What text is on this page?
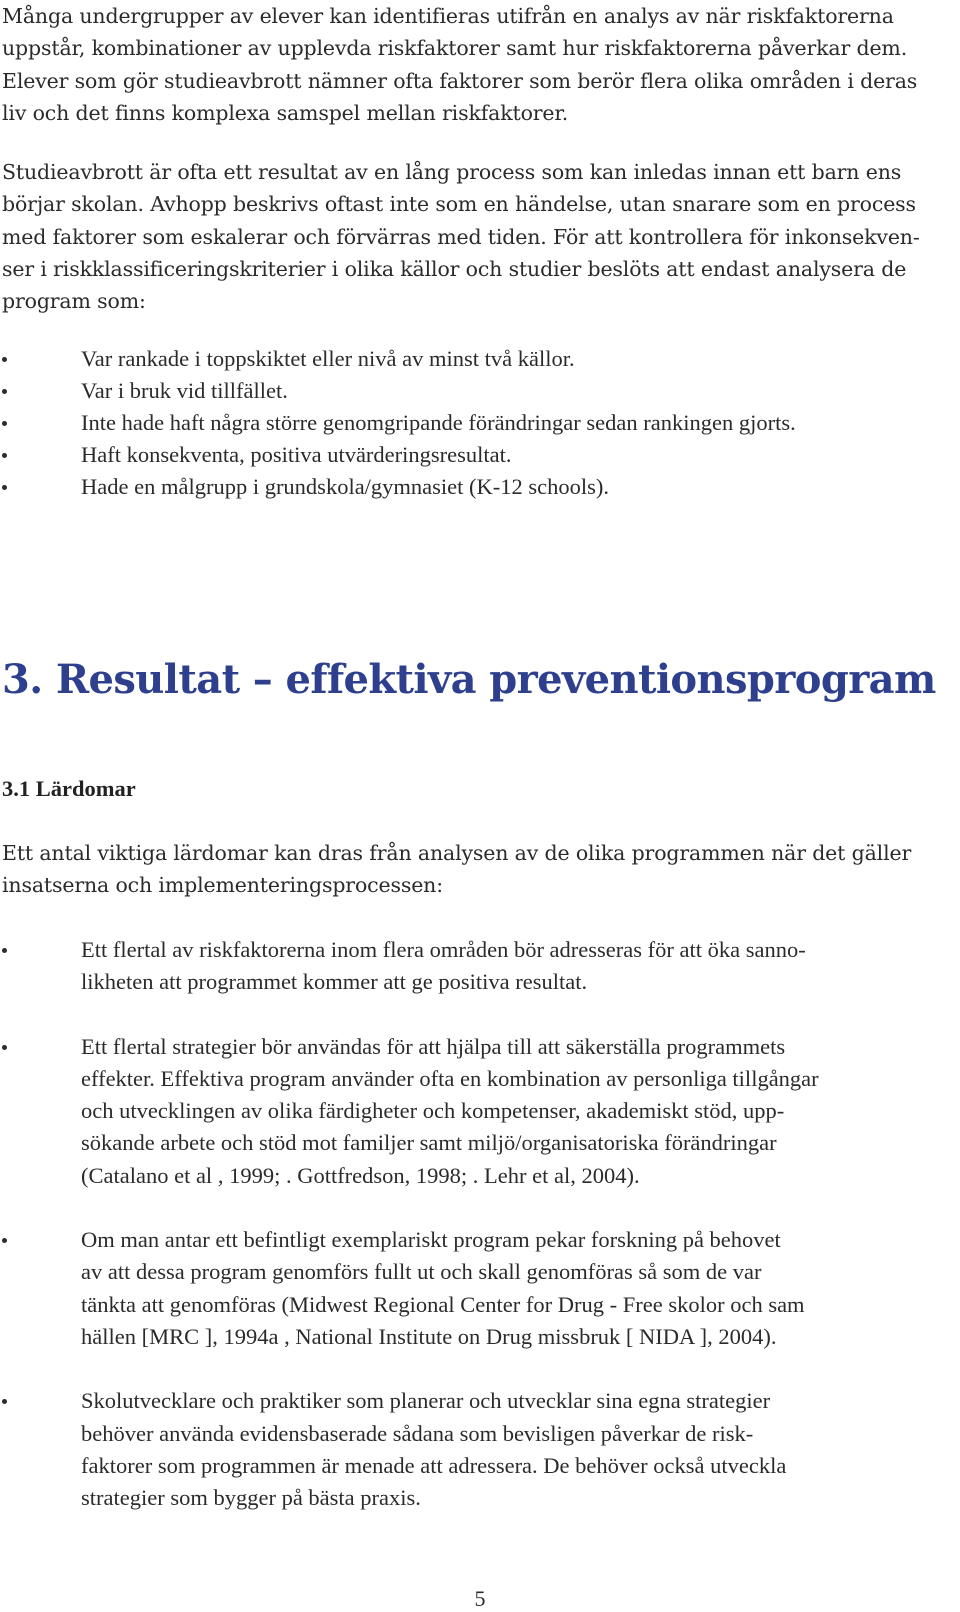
Många undergrupper av elever kan identifieras utifrån en analys av när riskfaktorerna uppstår, kombinationer av upplevda riskfaktorer samt hur riskfaktorerna påverkar dem. Elever som gör studieavbrott nämner ofta faktorer som berör flera olika områden i deras liv och det finns komplexa samspel mellan riskfaktorer.

Studieavbrott är ofta ett resultat av en lång process som kan inledas innan ett barn ens börjar skolan. Avhopp beskrivs oftast inte som en händelse, utan snarare som en process med faktorer som eskalerar och förvärras med tiden. För att kontrollera för inkonsekven-ser i riskklassificeringskriterier i olika källor och studier beslöts att endast analysera de program som:

Var rankade i toppskiktet eller nivå av minst två källor.
Var i bruk vid tillfället.
Inte hade haft några större genomgripande förändringar sedan rankingen gjorts.
Haft konsekventa, positiva utvärderingsresultat.
Hade en målgrupp i grundskola/gymnasiet (K-12 schools).
3. Resultat – effektiva preventionsprogram
3.1 Lärdomar

Ett antal viktiga lärdomar kan dras från analysen av de olika programmen när det gäller insatserna och implementeringsprocessen:

Ett flertal av riskfaktorerna inom flera områden bör adresseras för att öka sanno-
likheten att programmet kommer att ge positiva resultat.
Ett flertal strategier bör användas för att hjälpa till att säkerställa programmets
effekter. Effektiva program använder ofta en kombination av personliga tillgångar
och utvecklingen av olika färdigheter och kompetenser, akademiskt stöd, upp-
sökande arbete och stöd mot familjer samt miljö/organisatoriska förändringar
(Catalano et al , 1999; . Gottfredson, 1998; . Lehr et al, 2004).
Om man antar ett befintligt exemplariskt program pekar forskning på behovet
av att dessa program genomförs fullt ut och skall genomföras så som de var
tänkta att genomföras (Midwest Regional Center for Drug - Free skolor och sam
hällen [MRC ], 1994a , National Institute on Drug missbruk [ NIDA ], 2004).
Skolutvecklare och praktiker som planerar och utvecklar sina egna strategier
behöver använda evidensbaserade sådana som bevisligen påverkar de risk-
faktorer som programmen är menade att adressera. De behöver också utveckla
strategier som bygger på bästa praxis.
5
